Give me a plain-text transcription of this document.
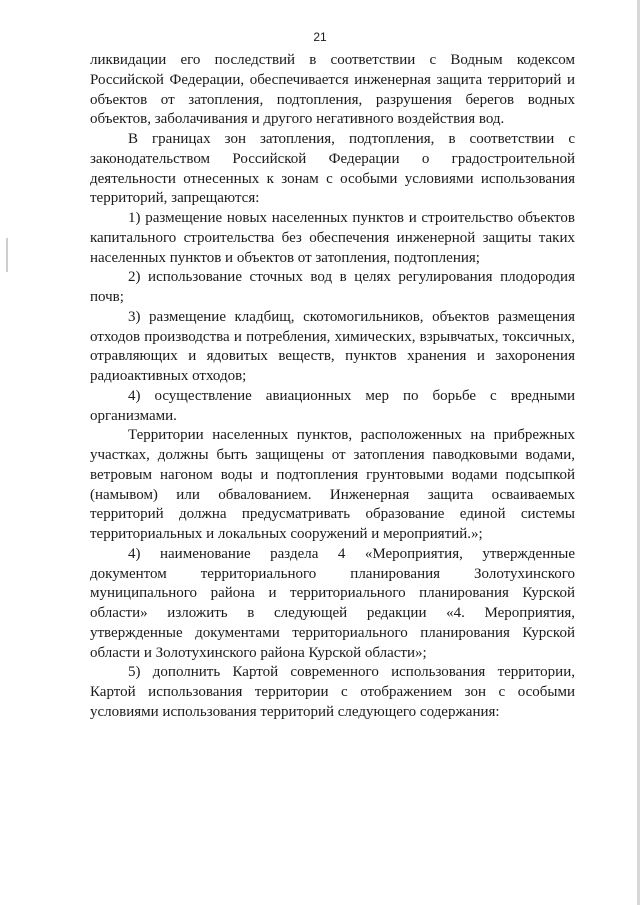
21

ликвидации его последствий в соответствии с Водным кодексом Российской Федерации, обеспечивается инженерная защита территорий и объектов от затопления, подтопления, разрушения берегов водных объектов, заболачивания и другого негативного воздействия вод.

В границах зон затопления, подтопления, в соответствии с законодательством Российской Федерации о градостроительной деятельности отнесенных к зонам с особыми условиями использования территорий, запрещаются:

1) размещение новых населенных пунктов и строительство объектов капитального строительства без обеспечения инженерной защиты таких населенных пунктов и объектов от затопления, подтопления;

2) использование сточных вод в целях регулирования плодородия почв;

3) размещение кладбищ, скотомогильников, объектов размещения отходов производства и потребления, химических, взрывчатых, токсичных, отравляющих и ядовитых веществ, пунктов хранения и захоронения радиоактивных отходов;

4) осуществление авиационных мер по борьбе с вредными организмами.

Территории населенных пунктов, расположенных на прибрежных участках, должны быть защищены от затопления паводковыми водами, ветровым нагоном воды и подтопления грунтовыми водами подсыпкой (намывом) или обвалованием. Инженерная защита осваиваемых территорий должна предусматривать образование единой системы территориальных и локальных сооружений и мероприятий.»;

4) наименование раздела 4 «Мероприятия, утвержденные документом территориального планирования Золотухинского муниципального района и территориального планирования Курской области» изложить в следующей редакции «4. Мероприятия, утвержденные документами территориального планирования Курской области и Золотухинского района Курской области»;

5) дополнить Картой современного использования территории, Картой использования территории с отображением зон с особыми условиями использования территорий следующего содержания:
